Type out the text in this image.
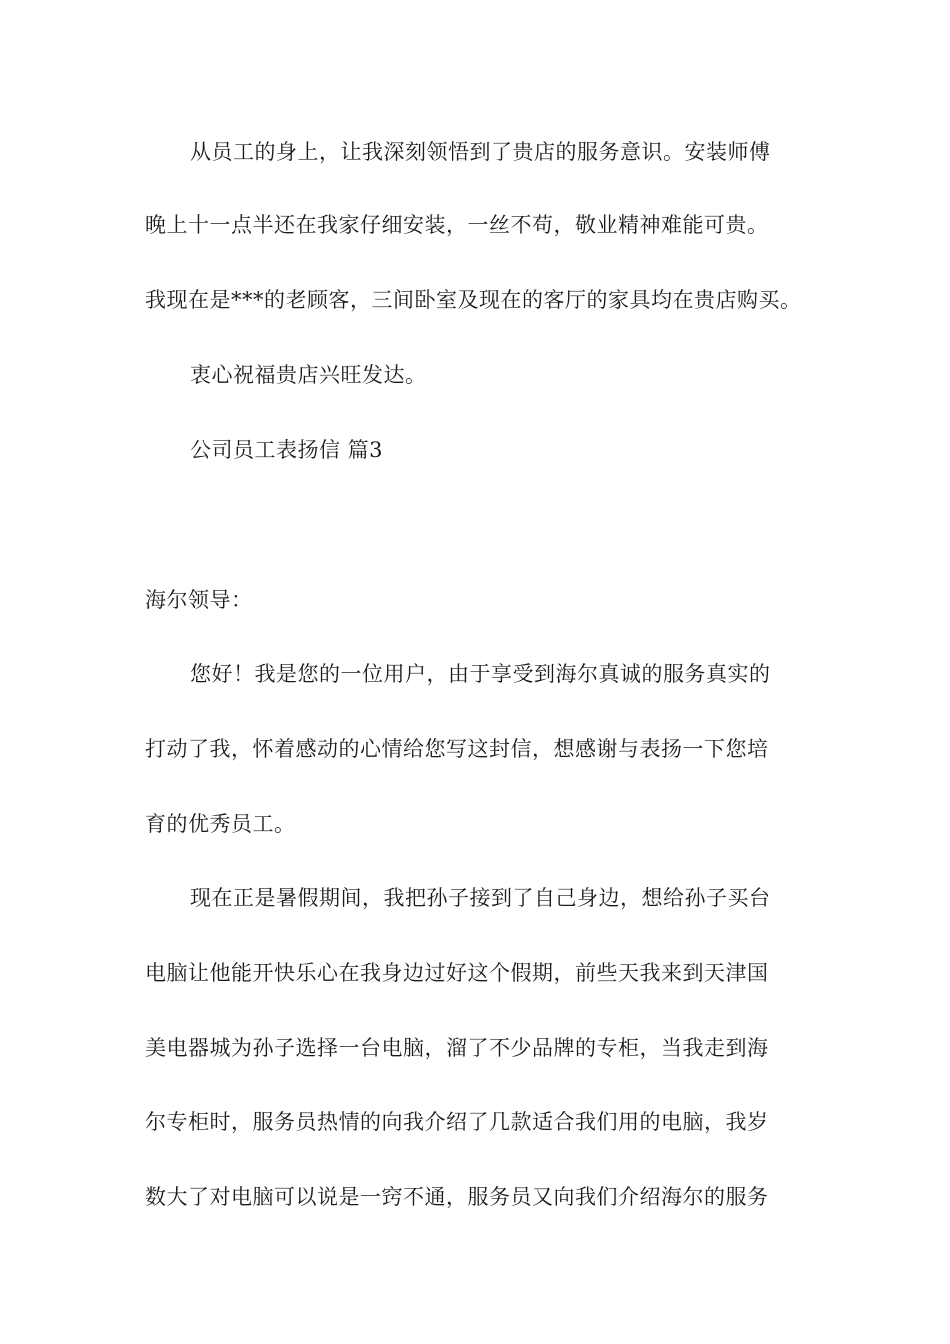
从员工的身上，让我深刻领悟到了贵店的服务意识。安装师傅
晚上十一点半还在我家仔细安装，一丝不苟，敬业精神难能可贵。
我现在是***的老顾客，三间卧室及现在的客厅的家具均在贵店购买。
衷心祝福贵店兴旺发达。
公司员工表扬信 篇3
海尔领导：
您好！我是您的一位用户，由于享受到海尔真诚的服务真实的
打动了我，怀着感动的心情给您写这封信，想感谢与表扬一下您培
育的优秀员工。
现在正是暑假期间，我把孙子接到了自己身边，想给孙子买台
电脑让他能开快乐心在我身边过好这个假期，前些天我来到天津国
美电器城为孙子选择一台电脑，溜了不少品牌的专柜，当我走到海
尔专柜时，服务员热情的向我介绍了几款适合我们用的电脑，我岁
数大了对电脑可以说是一窍不通，服务员又向我们介绍海尔的服务
